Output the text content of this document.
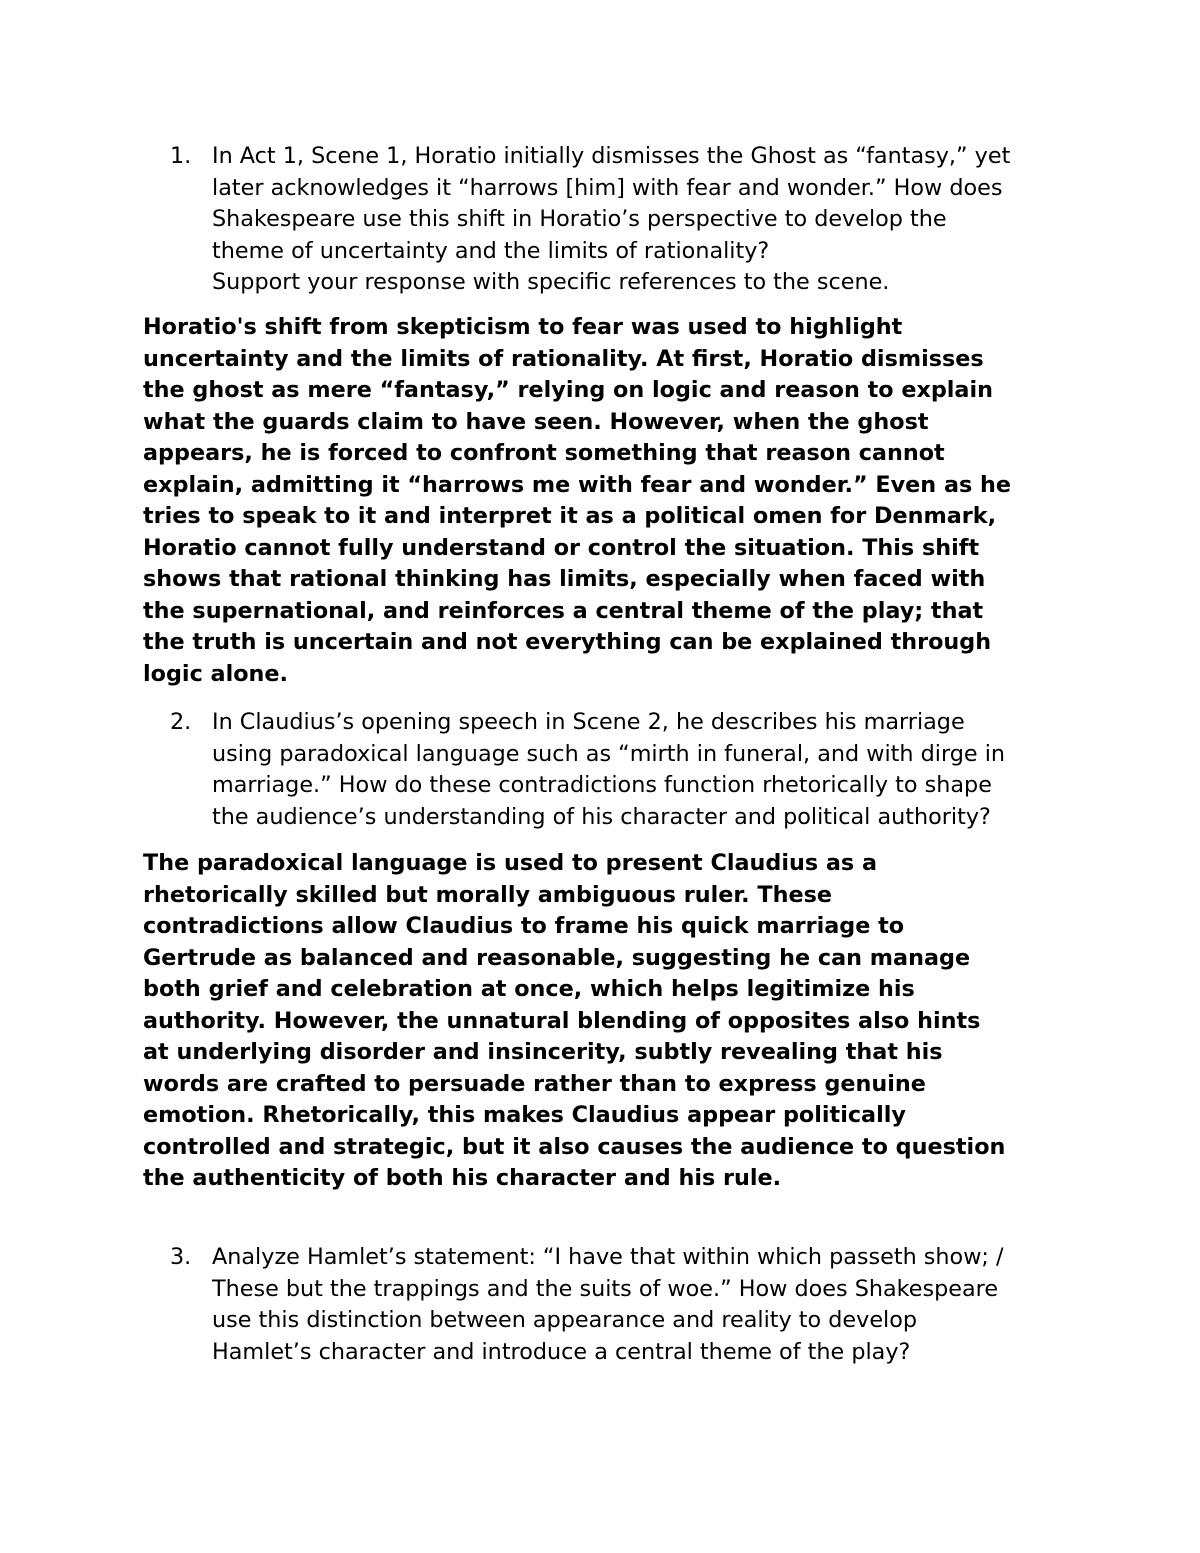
1. In Act 1, Scene 1, Horatio initially dismisses the Ghost as “fantasy,” yet
later acknowledges it “harrows [him] with fear and wonder.” How does
Shakespeare use this shift in Horatio’s perspective to develop the
theme of uncertainty and the limits of rationality?
Support your response with specific references to the scene.
Horatio's shift from skepticism to fear was used to highlight
uncertainty and the limits of rationality. At first, Horatio dismisses
the ghost as mere “fantasy,” relying on logic and reason to explain
what the guards claim to have seen. However, when the ghost
appears, he is forced to confront something that reason cannot
explain, admitting it “harrows me with fear and wonder.” Even as he
tries to speak to it and interpret it as a political omen for Denmark,
Horatio cannot fully understand or control the situation. This shift
shows that rational thinking has limits, especially when faced with
the supernational, and reinforces a central theme of the play; that
the truth is uncertain and not everything can be explained through
logic alone.
2. In Claudius’s opening speech in Scene 2, he describes his marriage
using paradoxical language such as “mirth in funeral, and with dirge in
marriage.” How do these contradictions function rhetorically to shape
the audience’s understanding of his character and political authority?
The paradoxical language is used to present Claudius as a
rhetorically skilled but morally ambiguous ruler. These
contradictions allow Claudius to frame his quick marriage to
Gertrude as balanced and reasonable, suggesting he can manage
both grief and celebration at once, which helps legitimize his
authority. However, the unnatural blending of opposites also hints
at underlying disorder and insincerity, subtly revealing that his
words are crafted to persuade rather than to express genuine
emotion. Rhetorically, this makes Claudius appear politically
controlled and strategic, but it also causes the audience to question
the authenticity of both his character and his rule.
3. Analyze Hamlet’s statement: “I have that within which passeth show; /
These but the trappings and the suits of woe.” How does Shakespeare
use this distinction between appearance and reality to develop
Hamlet’s character and introduce a central theme of the play?
